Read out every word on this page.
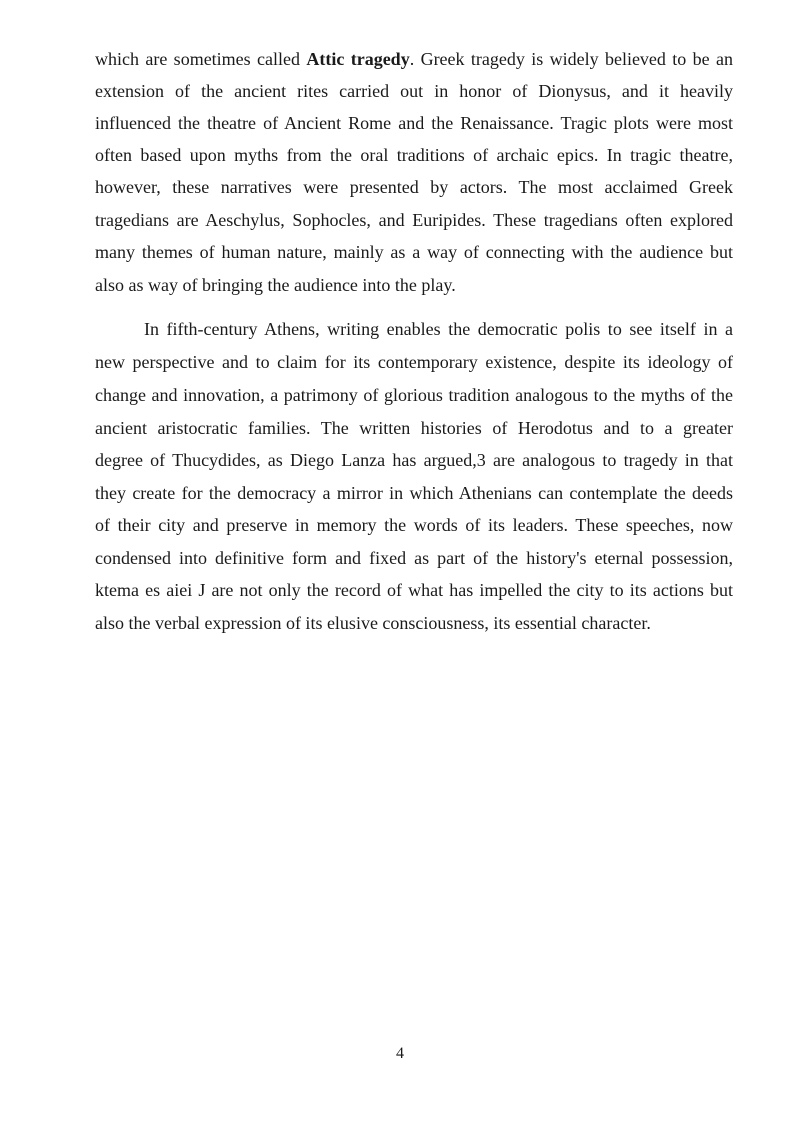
which are sometimes called Attic tragedy. Greek tragedy is widely believed to be an
extension of the ancient rites carried out in honor of Dionysus, and it heavily
influenced the theatre of Ancient Rome and the Renaissance. Tragic plots were most
often based upon myths from the oral traditions of archaic epics. In tragic theatre,
however, these narratives were presented by actors. The most acclaimed Greek
tragedians are Aeschylus, Sophocles, and Euripides. These tragedians often explored
many themes of human nature, mainly as a way of connecting with the audience but
also as way of bringing the audience into the play.
In fifth-century Athens, writing enables the democratic polis to see itself in a
new perspective and to claim for its contemporary existence, despite its ideology of
change and innovation, a patrimony of glorious tradition analogous to the myths of the
ancient aristocratic families. The written histories of Herodotus and to a greater
degree of Thucydides, as Diego Lanza has argued,3 are analogous to tragedy in that
they create for the democracy a mirror in which Athenians can contemplate the deeds
of their city and preserve in memory the words of its leaders. These speeches, now
condensed into definitive form and fixed as part of the history's eternal possession,
ktema es aiei J are not only the record of what has impelled the city to its actions but
also the verbal expression of its elusive consciousness, its essential character.
4
